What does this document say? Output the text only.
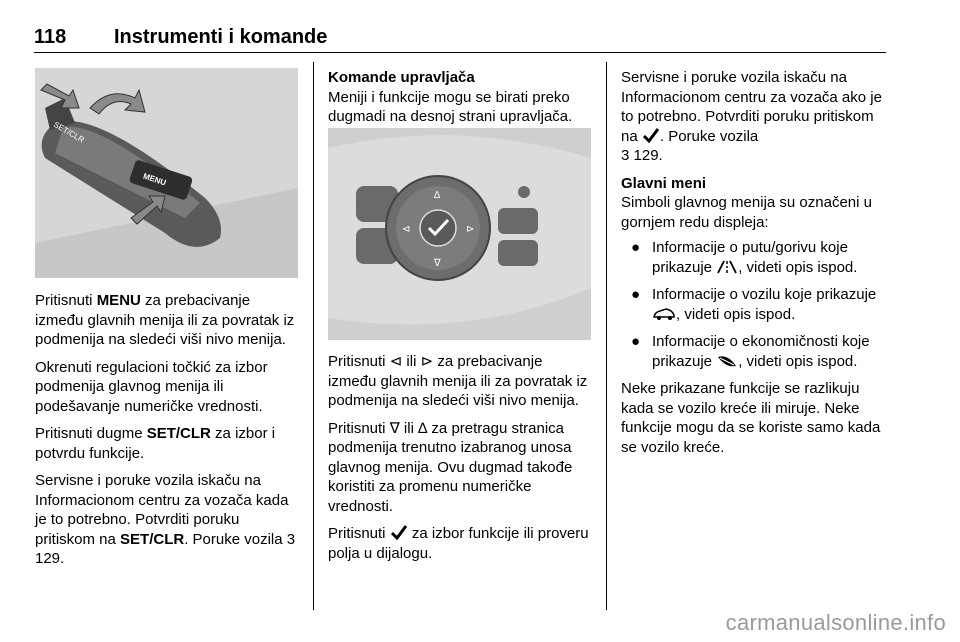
118 Instrumenti i komande
SET/CLR
MENU

Pritisnuti MENU za prebacivanje između glavnih menija ili za povratak iz podmenija na sledeći viši nivo menija.

Okrenuti regulacioni točkić za izbor podmenija glavnog menija ili podešavanje numeričke vrednosti.

Pritisnuti dugme SET/CLR za izbor i potvrdu funkcije.

Servisne i poruke vozila iskaču na Informacionom centru za vozača kada je to potrebno. Potvrditi poruku pritiskom na SET/CLR. Poruke vozila 3 129.

Komande upravljača
Meniji i funkcije mogu se birati preko dugmadi na desnoj strani upravljača.

Pritisnuti ⊲ ili ⊳ za prebacivanje između glavnih menija ili za povratak iz podmenija na sledeći viši nivo menija.

Pritisnuti ∇ ili ∆ za pretragu stranica podmenija trenutno izabranog unosa glavnog menija. Ovu dugmad takođe koristiti za promenu numeričke vrednosti.

Pritisnuti  za izbor funkcije ili proveru polja u dijalogu.

∆
∇
⊲	⊳

Servisne i poruke vozila iskaču na Informacionom centru za vozača ako je to potrebno. Potvrditi poruku pritiskom na . Poruke vozila
3 129.

Glavni meni

Simboli glavnog menija su označeni u gornjem redu displeja:

● Informacije o putu/gorivu koje prikazuje , videti opis ispod.
● Informacije o vozilu koje prikazuje , videti opis ispod.
● Informacije o ekonomičnosti koje prikazuje , videti opis ispod.

Neke prikazane funkcije se razlikuju kada se vozilo kreće ili miruje. Neke funkcije mogu da se koriste samo kada se vozilo kreće.

carmanualsonline.info
